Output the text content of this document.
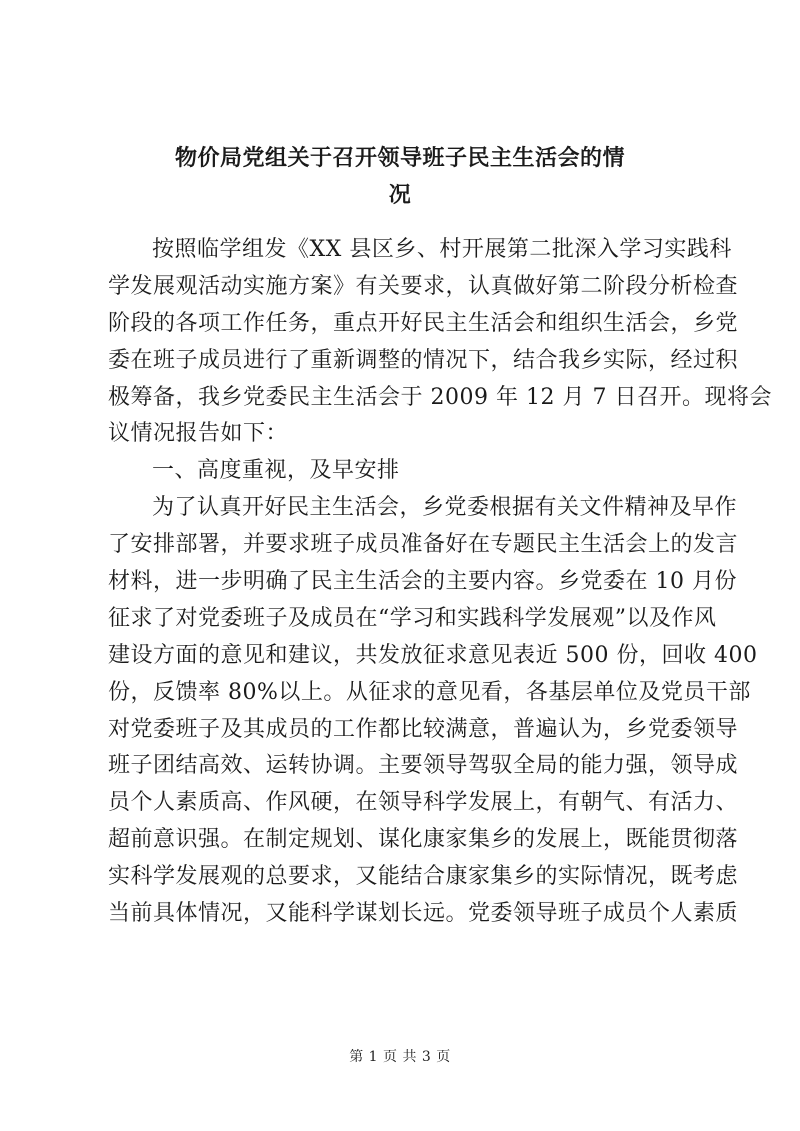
物价局党组关于召开领导班子民主生活会的情
况
按照临学组发《XX 县区乡、村开展第二批深入学习实践科
学发展观活动实施方案》有关要求，认真做好第二阶段分析检查
阶段的各项工作任务，重点开好民主生活会和组织生活会，乡党
委在班子成员进行了重新调整的情况下，结合我乡实际，经过积
极筹备，我乡党委民主生活会于 2009 年 12 月 7 日召开。现将会
议情况报告如下：
一、高度重视，及早安排
为了认真开好民主生活会，乡党委根据有关文件精神及早作
了安排部署，并要求班子成员准备好在专题民主生活会上的发言
材料，进一步明确了民主生活会的主要内容。乡党委在 10 月份
征求了对党委班子及成员在“学习和实践科学发展观”以及作风
建设方面的意见和建议，共发放征求意见表近 500 份，回收 400
份，反馈率 80%以上。从征求的意见看，各基层单位及党员干部
对党委班子及其成员的工作都比较满意，普遍认为，乡党委领导
班子团结高效、运转协调。主要领导驾驭全局的能力强，领导成
员个人素质高、作风硬，在领导科学发展上，有朝气、有活力、
超前意识强。在制定规划、谋化康家集乡的发展上，既能贯彻落
实科学发展观的总要求，又能结合康家集乡的实际情况，既考虑
当前具体情况，又能科学谋划长远。党委领导班子成员个人素质
第 1 页 共 3 页
